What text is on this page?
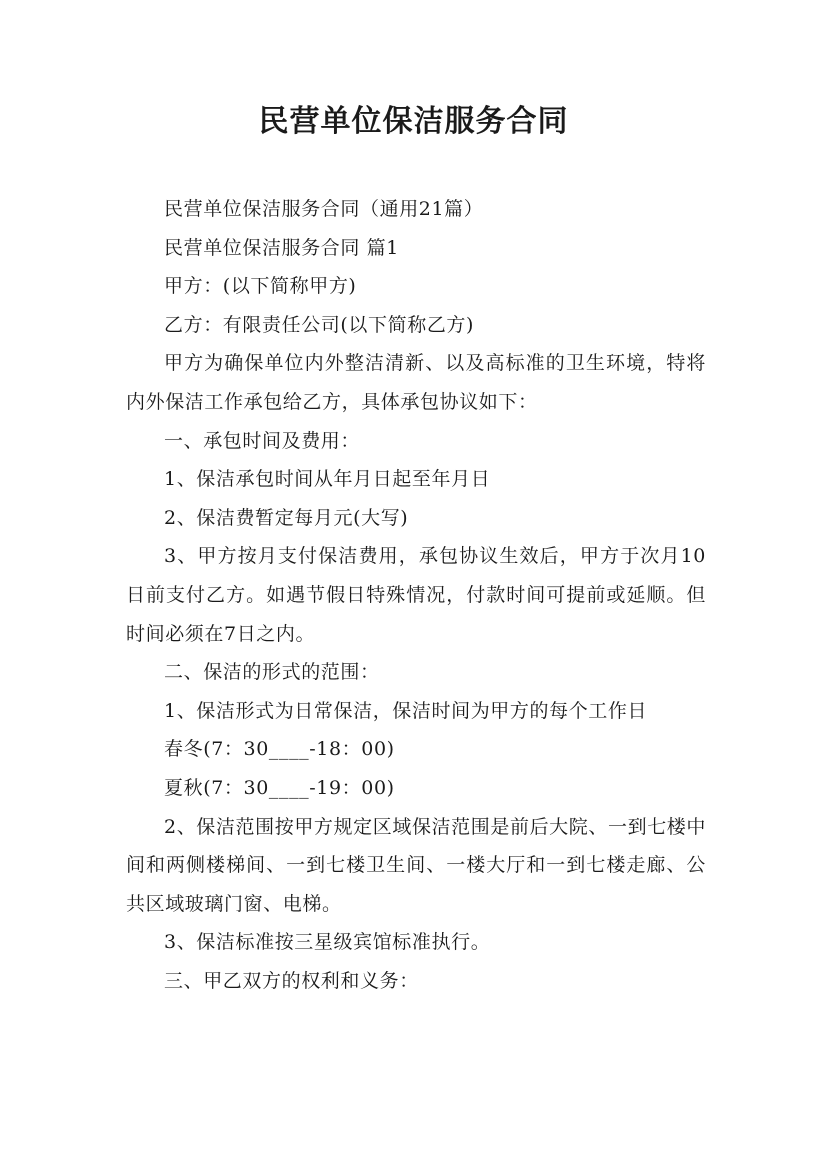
民营单位保洁服务合同

民营单位保洁服务合同（通用21篇）

民营单位保洁服务合同 篇1

甲方：(以下简称甲方)

乙方：有限责任公司(以下简称乙方)

甲方为确保单位内外整洁清新、以及高标准的卫生环境，特将内外保洁工作承包给乙方，具体承包协议如下：

一、承包时间及费用：

1、保洁承包时间从年月日起至年月日

2、保洁费暂定每月元(大写)

3、甲方按月支付保洁费用，承包协议生效后，甲方于次月10日前支付乙方。如遇节假日特殊情况，付款时间可提前或延顺。但时间必须在7日之内。

二、保洁的形式的范围：

1、保洁形式为日常保洁，保洁时间为甲方的每个工作日

春冬(7：30____-18：00)

夏秋(7：30____-19：00)

2、保洁范围按甲方规定区域保洁范围是前后大院、一到七楼中间和两侧楼梯间、一到七楼卫生间、一楼大厅和一到七楼走廊、公共区域玻璃门窗、电梯。

3、保洁标准按三星级宾馆标准执行。

三、甲乙双方的权利和义务：
